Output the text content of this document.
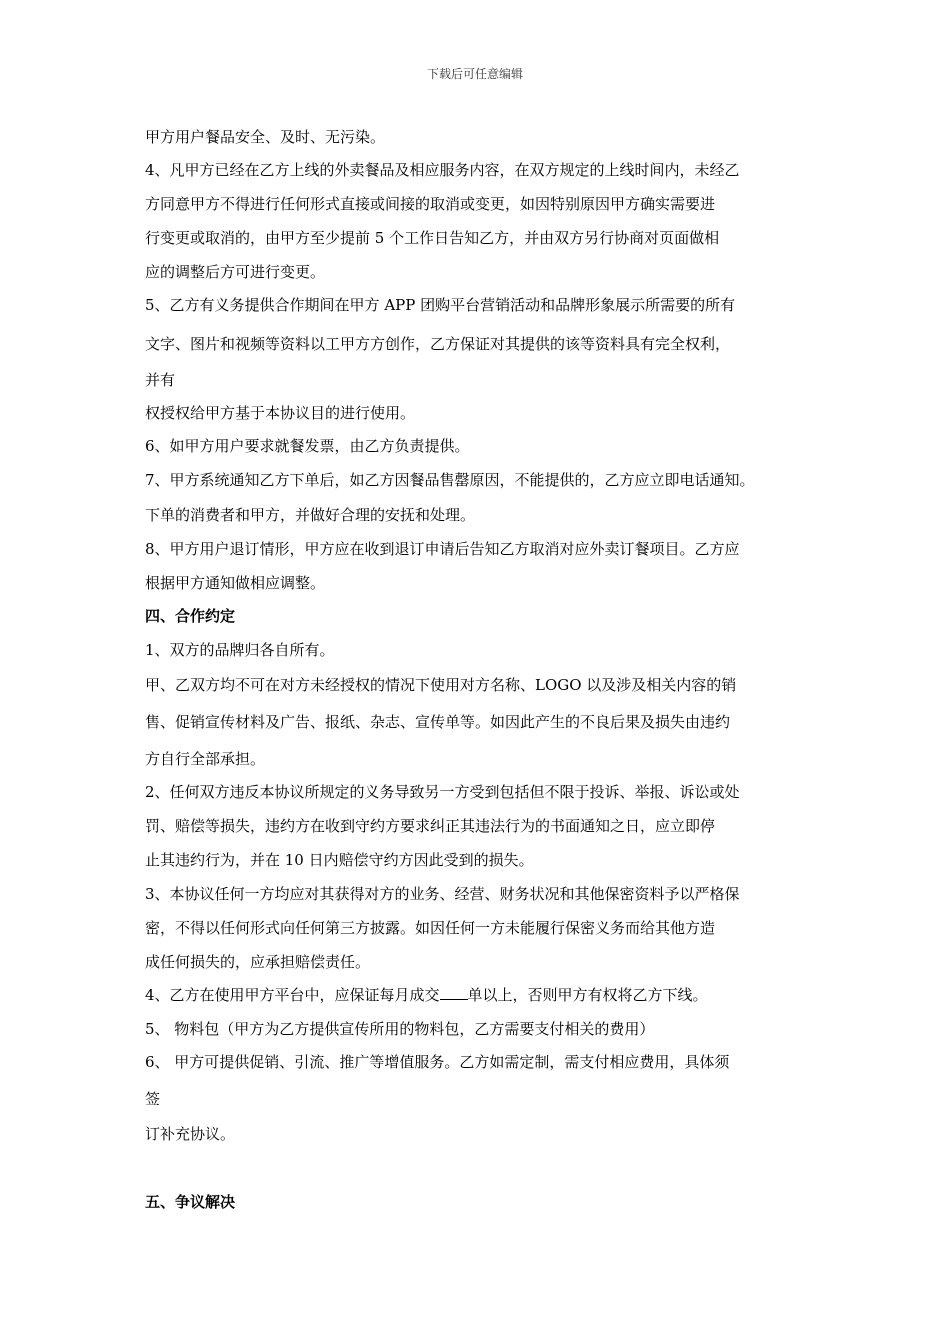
下载后可任意编辑
甲方用户餐品安全、及时、无污染。
4、凡甲方已经在乙方上线的外卖餐品及相应服务内容，在双方规定的上线时间内，未经乙
方同意甲方不得进行任何形式直接或间接的取消或变更，如因特别原因甲方确实需要进
行变更或取消的，由甲方至少提前 5 个工作日告知乙方，并由双方另行协商对页面做相
应的调整后方可进行变更。
5、乙方有义务提供合作期间在甲方 APP 团购平台营销活动和品牌形象展示所需要的所有
文字、图片和视频等资料以工甲方方创作，乙方保证对其提供的该等资料具有完全权利，
并有
权授权给甲方基于本协议目的进行使用。
6、如甲方用户要求就餐发票，由乙方负责提供。
7、甲方系统通知乙方下单后，如乙方因餐品售罄原因，不能提供的，乙方应立即电话通知。
下单的消费者和甲方，并做好合理的安抚和处理。
8、甲方用户退订情形，甲方应在收到退订申请后告知乙方取消对应外卖订餐项目。乙方应
根据甲方通知做相应调整。
四、合作约定
1、双方的品牌归各自所有。
甲、乙双方均不可在对方未经授权的情况下使用对方名称、LOGO 以及涉及相关内容的销
售、促销宣传材料及广告、报纸、杂志、宣传单等。如因此产生的不良后果及损失由违约
方自行全部承担。
2、任何双方违反本协议所规定的义务导致另一方受到包括但不限于投诉、举报、诉讼或处
罚、赔偿等损失，违约方在收到守约方要求纠正其违法行为的书面通知之日，应立即停
止其违约行为，并在 10 日内赔偿守约方因此受到的损失。
3、本协议任何一方均应对其获得对方的业务、经营、财务状况和其他保密资料予以严格保
密，不得以任何形式向任何第三方披露。如因任何一方未能履行保密义务而给其他方造
成任何损失的，应承担赔偿责任。
4、乙方在使用甲方平台中，应保证每月成交 单以上，否则甲方有权将乙方下线。
5、 物料包（甲方为乙方提供宣传所用的物料包，乙方需要支付相关的费用）
6、 甲方可提供促销、引流、推广等增值服务。乙方如需定制，需支付相应费用，具体须
签
订补充协议。
五、争议解决
